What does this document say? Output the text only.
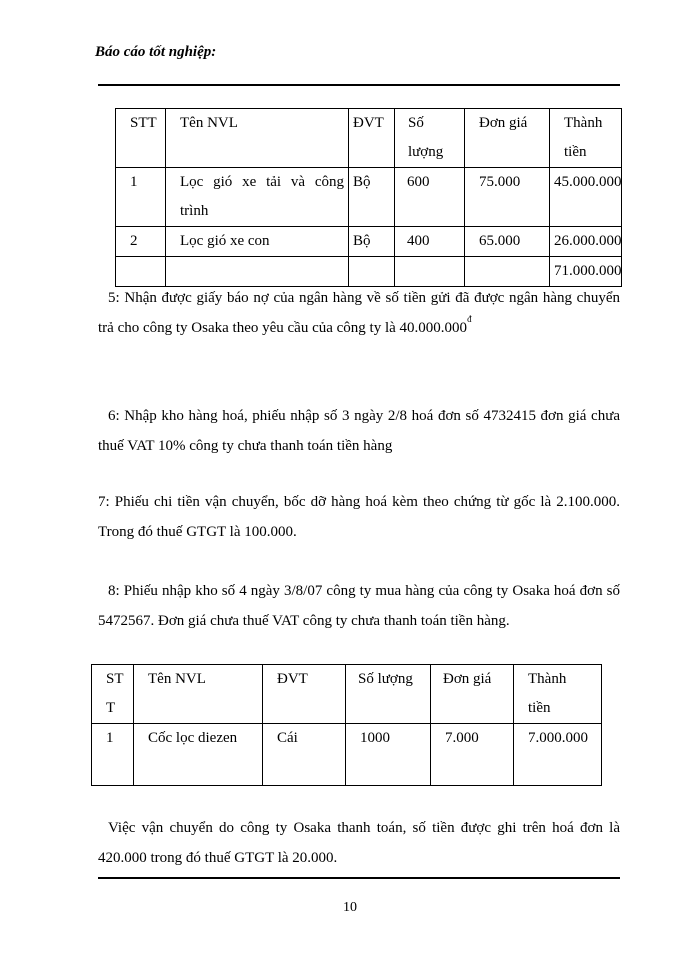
Báo cáo tốt nghiệp:
STT	Tên NVL	ĐVT	Số lượng	Đơn giá	Thành tiền
1	Lọc gió xe tải và công trình	Bộ	600	75.000	45.000.000
2	Lọc gió xe con	Bộ	400	65.000	26.000.000
					71.000.000
5: Nhận được giấy báo nợ của ngân hàng về số tiền gửi đã được ngân hàng chuyển trả cho công ty Osaka theo yêu cầu của công ty là $40.000.000^đ$
6: Nhập kho hàng hoá, phiếu nhập số 3 ngày 2/8 hoá đơn số 4732415 đơn giá chưa thuế VAT 10% công ty chưa thanh toán tiền hàng
7: Phiếu chi tiền vận chuyển, bốc dỡ hàng hoá kèm theo chứng từ gốc là 2.100.000. Trong đó thuế GTGT là 100.000.
8: Phiếu nhập kho số 4 ngày 3/8/07 công ty mua hàng của công ty Osaka hoá đơn số 5472567. Đơn giá chưa thuế VAT công ty chưa thanh toán tiền hàng.
STT	Tên NVL	ĐVT	Số lượng	Đơn giá	Thành tiền

1	Cốc lọc diezen	Cái	1000	7.000	7.000.000
Việc vận chuyển do công ty Osaka thanh toán, số tiền được ghi trên hoá đơn là 420.000 trong đó thuế GTGT là 20.000.
10
